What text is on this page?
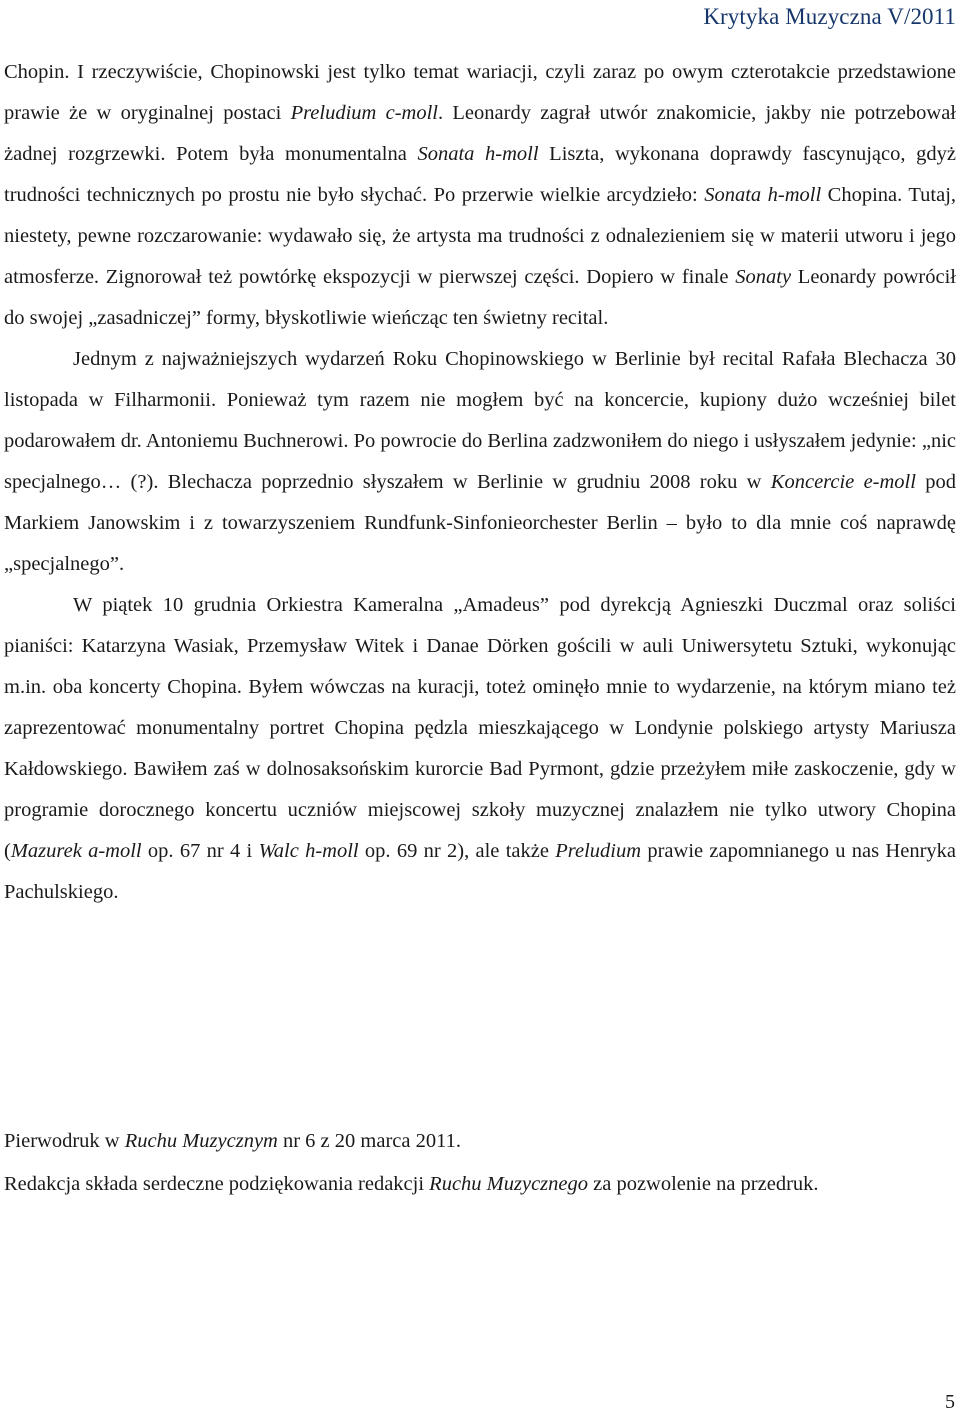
Krytyka Muzyczna V/2011

Chopin. I rzeczywiście, Chopinowski jest tylko temat wariacji, czyli zaraz po owym czterotakcie przedstawione prawie że w oryginalnej postaci Preludium c-moll. Leonardy zagrał utwór znakomicie, jakby nie potrzebował żadnej rozgrzewki. Potem była monumentalna Sonata h-moll Liszta, wykonana doprawdy fascynująco, gdyż trudności technicznych po prostu nie było słychać. Po przerwie wielkie arcydzieło: Sonata h-moll Chopina. Tutaj, niestety, pewne rozczarowanie: wydawało się, że artysta ma trudności z odnalezieniem się w materii utworu i jego atmosferze. Zignorował też powtórkę ekspozycji w pierwszej części. Dopiero w finale Sonaty Leonardy powrócił do swojej „zasadniczej” formy, błyskotliwie wieńcząc ten świetny recital.

Jednym z najważniejszych wydarzeń Roku Chopinowskiego w Berlinie był recital Rafała Blechacza 30 listopada w Filharmonii. Ponieważ tym razem nie mogłem być na koncercie, kupiony dużo wcześniej bilet podarowałem dr. Antoniemu Buchnerowi. Po powrocie do Berlina zadzwoniłem do niego i usłyszałem jedynie: „nic specjalnego… (?). Blechacza poprzednio słyszałem w Berlinie w grudniu 2008 roku w Koncercie e-moll pod Markiem Janowskim i z towarzyszeniem Rundfunk-Sinfonieorchester Berlin – było to dla mnie coś naprawdę „specjalnego”.

W piątek 10 grudnia Orkiestra Kameralna „Amadeus” pod dyrekcją Agnieszki Duczmal oraz soliści pianiści: Katarzyna Wasiak, Przemysław Witek i Danae Dörken gościli w auli Uniwersytetu Sztuki, wykonując m.in. oba koncerty Chopina. Byłem wówczas na kuracji, toteż ominęło mnie to wydarzenie, na którym miano też zaprezentować monumentalny portret Chopina pędzla mieszkającego w Londynie polskiego artysty Mariusza Kałdowskiego. Bawiłem zaś w dolnosaksońskim kurorcie Bad Pyrmont, gdzie przeżyłem miłe zaskoczenie, gdy w programie dorocznego koncertu uczniów miejscowej szkoły muzycznej znalazłem nie tylko utwory Chopina (Mazurek a-moll op. 67 nr 4 i Walc h-moll op. 69 nr 2), ale także Preludium prawie zapomnianego u nas Henryka Pachulskiego.

Pierwodruk w Ruchu Muzycznym nr 6 z 20 marca 2011.

Redakcja składa serdeczne podziękowania redakcji Ruchu Muzycznego za pozwolenie na przedruk.

5
